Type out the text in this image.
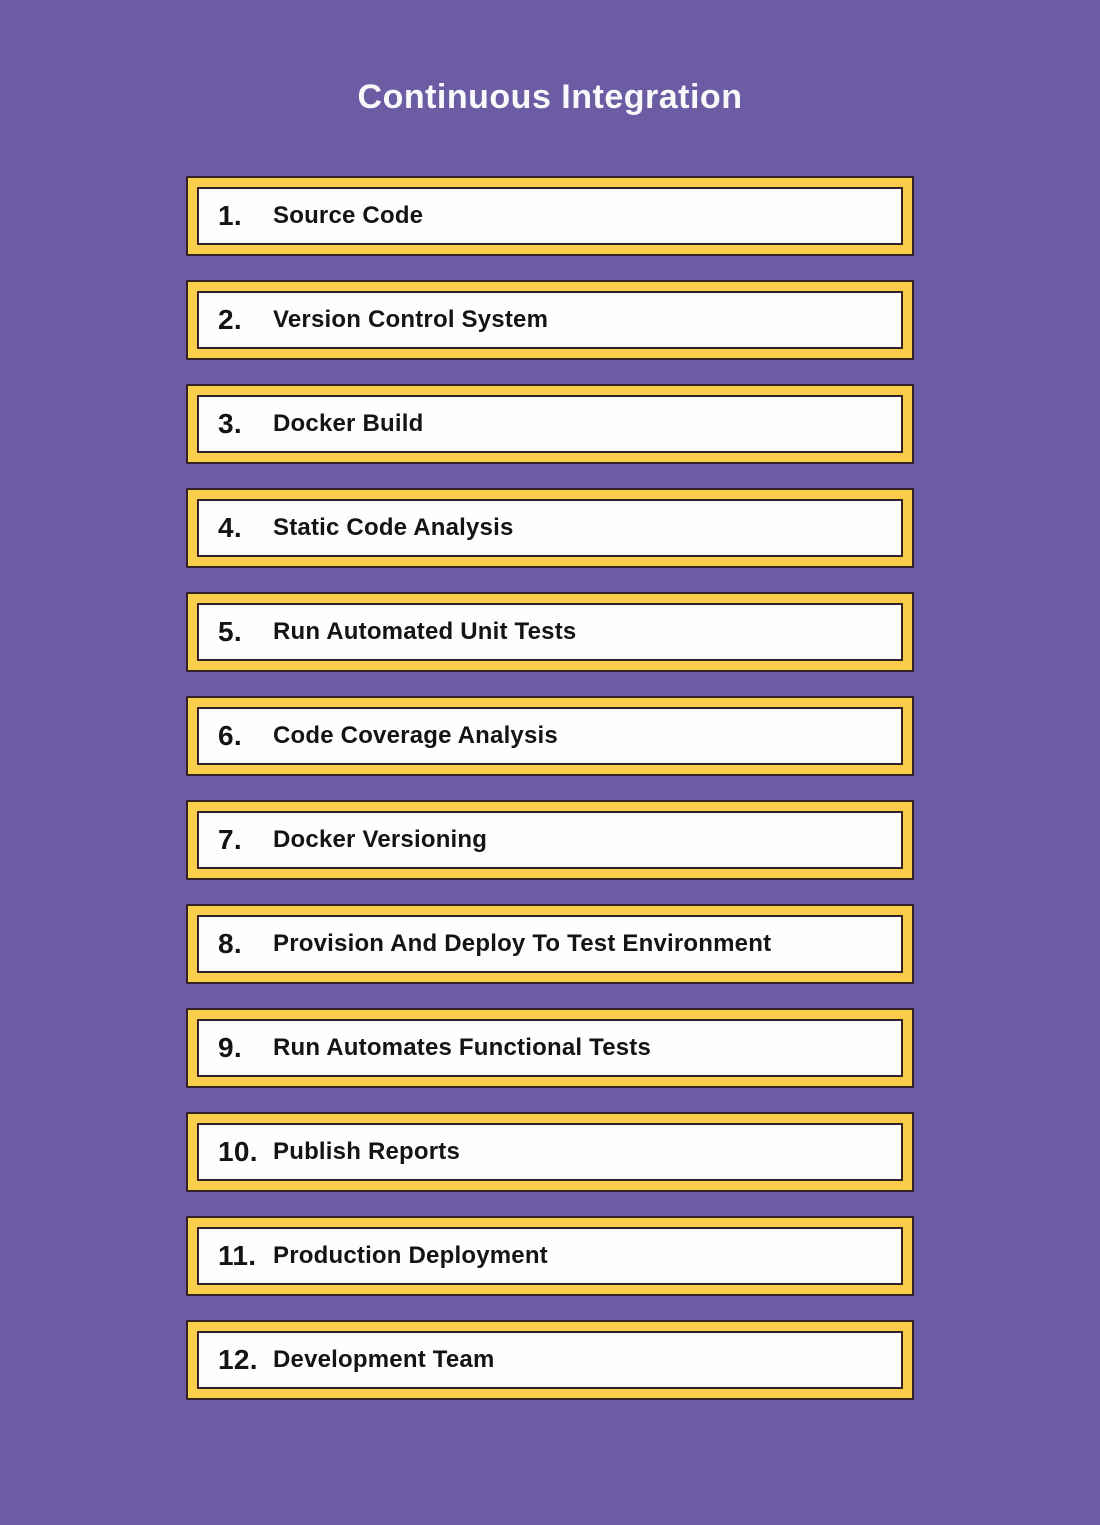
Continuous Integration
1.	Source Code
2.	Version Control System
3.	Docker Build
4.	Static Code Analysis
5.	Run Automated Unit Tests
6.	Code Coverage Analysis
7.	Docker Versioning
8.	Provision And Deploy To Test Environment
9.	Run Automates Functional Tests
10. Publish Reports
11. Production Deployment
12. Development Team
